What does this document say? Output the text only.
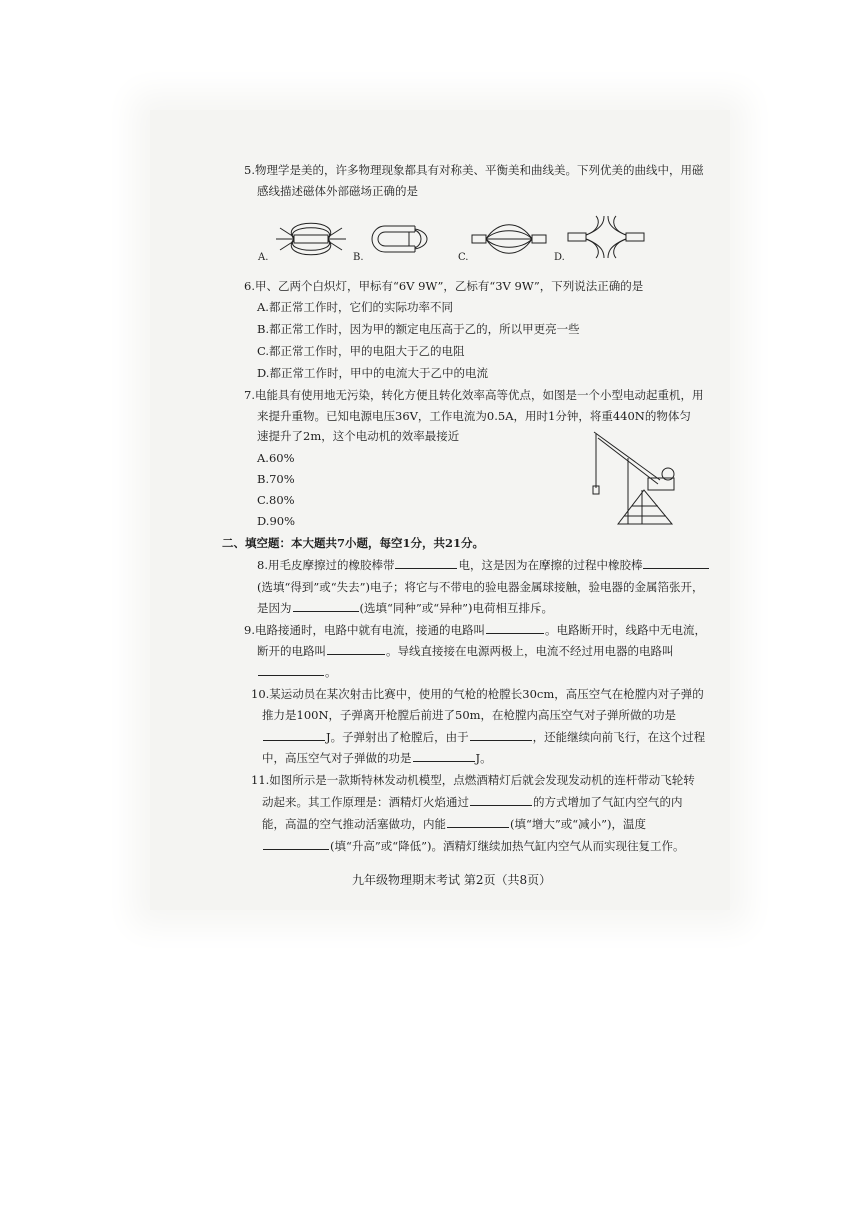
5.物理学是美的，许多物理现象都具有对称美、平衡美和曲线美。下列优美的曲线中，用磁
感线描述磁体外部磁场正确的是
A.	B.	C.	D.
6.甲、乙两个白炽灯，甲标有“6V 9W”，乙标有“3V 9W”，下列说法正确的是
A.都正常工作时，它们的实际功率不同
B.都正常工作时，因为甲的额定电压高于乙的，所以甲更亮一些
C.都正常工作时，甲的电阻大于乙的电阻
D.都正常工作时，甲中的电流大于乙中的电流
7.电能具有使用地无污染，转化方便且转化效率高等优点，如图是一个小型电动起重机，用
来提升重物。已知电源电压36V，工作电流为0.5A，用时1分钟，将重440N的物体匀
速提升了2m，这个电动机的效率最接近
A.60%
B.70%
C.80%
D.90%
二、填空题：本大题共7小题，每空1分，共21分。
8.用毛皮摩擦过的橡胶棒带	电，这是因为在摩擦的过程中橡胶棒
(选填“得到”或“失去”)电子；将它与不带电的验电器金属球接触，验电器的金属箔张开，
是因为	(选填“同种”或“异种”)电荷相互排斥。
9.电路接通时，电路中就有电流，接通的电路叫	。电路断开时，线路中无电流，
断开的电路叫	。导线直接接在电源两极上，电流不经过用电器的电路叫
。
10.某运动员在某次射击比赛中，使用的气枪的枪膛长30cm，高压空气在枪膛内对子弹的
推力是100N，子弹离开枪膛后前进了50m，在枪膛内高压空气对子弹所做的功是
J。子弹射出了枪膛后，由于	，还能继续向前飞行，在这个过程
中，高压空气对子弹做的功是	J。
11.如图所示是一款斯特林发动机模型，点燃酒精灯后就会发现发动机的连杆带动飞轮转
动起来。其工作原理是：酒精灯火焰通过	的方式增加了气缸内空气的内
能，高温的空气推动活塞做功，内能	(填“增大”或“减小”)，温度
(填“升高”或“降低”)。酒精灯继续加热气缸内空气从而实现往复工作。
九年级物理期末考试 第2页（共8页）
